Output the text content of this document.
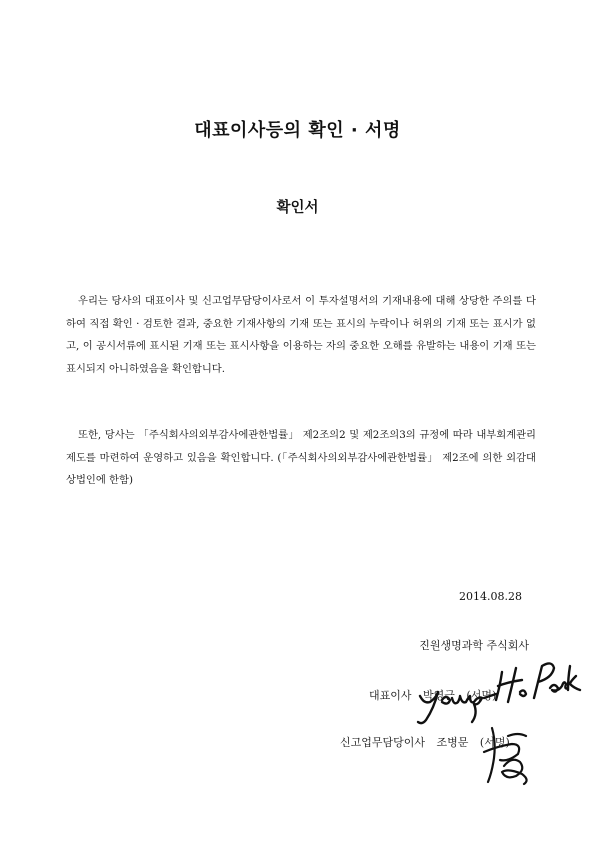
대표이사등의 확인 · 서명
확인서

우리는 당사의 대표이사 및 신고업무담당이사로서 이 투자설명서의 기재내용에 대해 상당한 주의를 다하여 직접 확인 · 검토한 결과, 중요한 기재사항의 기재 또는 표시의 누락이나 허위의 기재 또는 표시가 없고, 이 공시서류에 표시된 기재 또는 표시사항을 이용하는 자의 중요한 오해를 유발하는 내용이 기재 또는 표시되지 아니하였음을 확인합니다.

또한, 당사는 「주식회사의외부감사에관한법률」 제2조의2 및 제2조의3의 규정에 따라 내부회계관리제도를 마련하여 운영하고 있음을 확인합니다. (「주식회사의외부감사에관한법률」 제2조에 의한 외감대상법인에 한함)

2014.08.28

진원생명과학 주식회사

대표이사 박영근 (서명)

신고업무담당이사 조병문 (서명)
